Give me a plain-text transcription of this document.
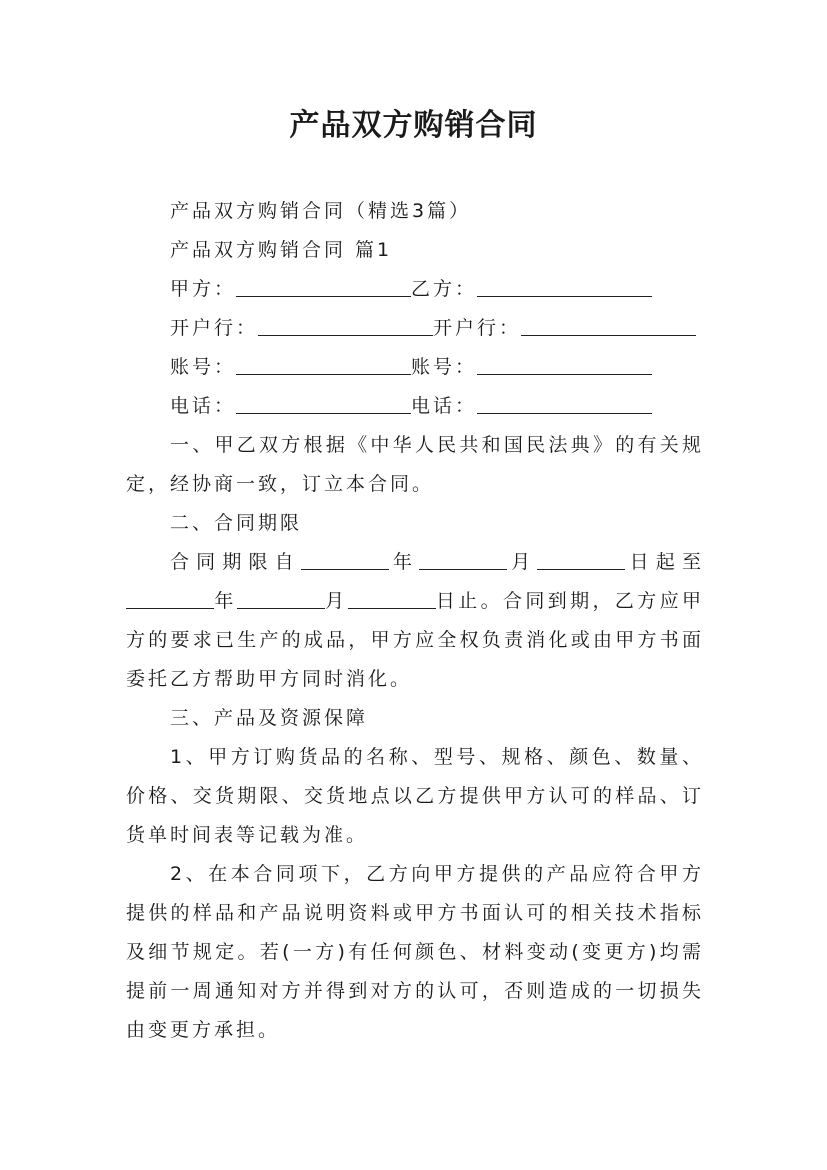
产品双方购销合同

产品双方购销合同（精选3篇）

产品双方购销合同 篇1

甲方：	乙方：

开户行：	开户行：

账号：	账号：

电话：	电话：

一、甲乙双方根据《中华人民共和国民法典》的有关规定，经协商一致，订立本合同。

二、合同期限

合同期限自	年	月	日起至年	月	日止。合同到期，乙方应甲方的要求已生产的成品，甲方应全权负责消化或由甲方书面委托乙方帮助甲方同时消化。

三、产品及资源保障

1、甲方订购货品的名称、型号、规格、颜色、数量、价格、交货期限、交货地点以乙方提供甲方认可的样品、订货单时间表等记载为准。

2、在本合同项下，乙方向甲方提供的产品应符合甲方提供的样品和产品说明资料或甲方书面认可的相关技术指标及细节规定。若(一方)有任何颜色、材料变动(变更方)均需提前一周通知对方并得到对方的认可，否则造成的一切损失由变更方承担。
